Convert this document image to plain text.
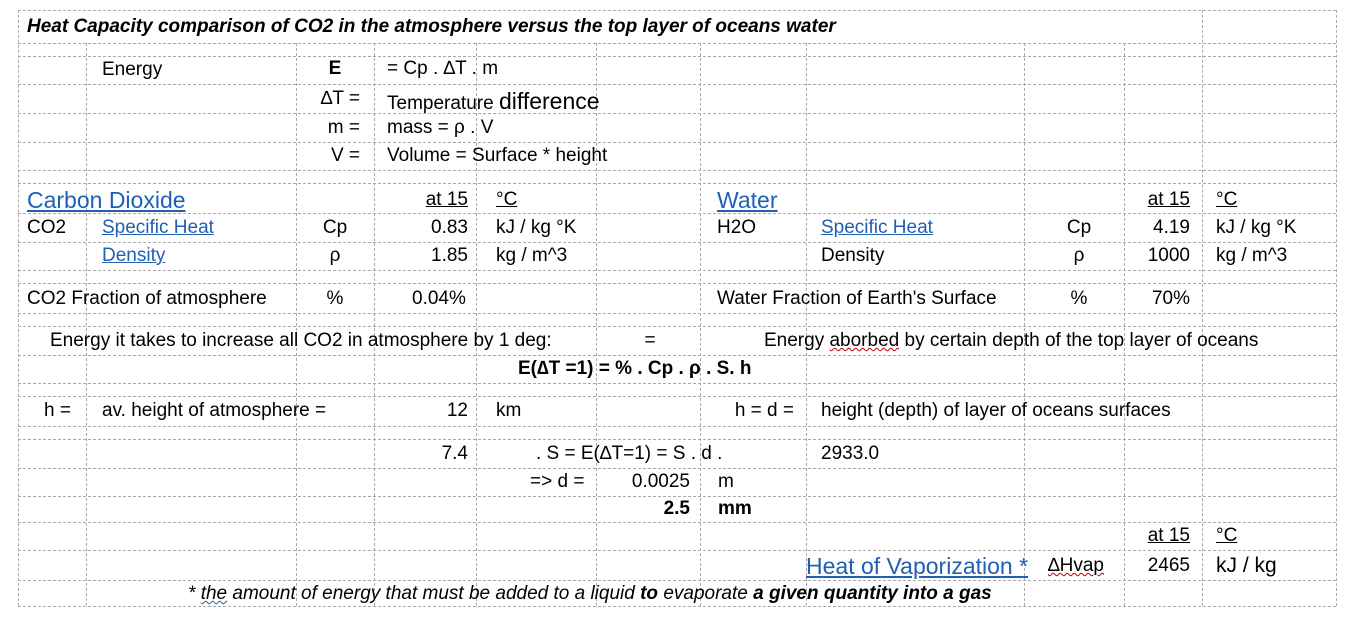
Heat Capacity comparison of CO2 in the atmosphere versus the top layer of oceans water
Energy	E	= Cp . ∆T . m
∆T = Temperature difference
m = mass = ρ . V
V = Volume = Surface * height
Carbon Dioxide	at 15 °C
CO2 Specific Heat	Cp	0.83 kJ / kg °K
Density	ρ	1.85 kg / m^3
CO2 Fraction of atmosphere	%	0.04%
Water	at 15 °C
H2O	Specific Heat	Cp	4.19 kJ / kg °K
Density	ρ	1000 kg / m^3
Water Fraction of Earth's Surface	%	70%
Energy it takes to increase all CO2 in atmosphere by 1 deg:	=	Energy aborbed by certain depth of the top layer of oceans
E(∆T =1) = % . Cp . ρ . S. h
h = av. height of atmosphere =	12 km	h = d = height (depth) of layer of oceans surfaces
7.4	. S = E(∆T=1) = S . d .	2933.0
=> d =	0.0025 m
2.5 mm
at 15 °C
Heat of Vaporization * ∆Hvap	2465 kJ / kg
* the amount of energy that must be added to a liquid to evaporate a given quantity into a gas
